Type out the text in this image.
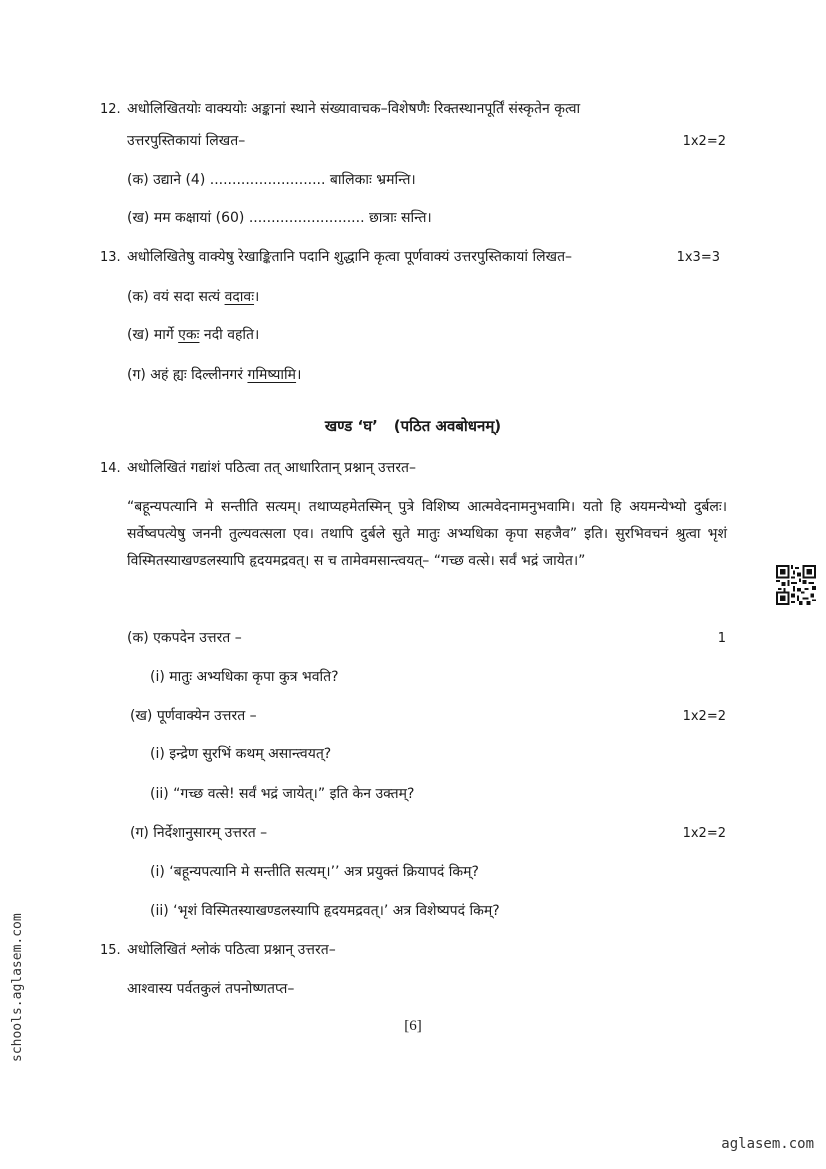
12. अधोलिखितयोः वाक्ययोः अङ्कानां स्थाने संख्यावाचक–विशेषणैः रिक्तस्थानपूर्तिं संस्कृतेन कृत्वा
उत्तरपुस्तिकायां लिखत–	1x2=2
(क) उद्याने (4) .......................... बालिकाः भ्रमन्ति।
(ख) मम कक्षायां (60) .......................... छात्राः सन्ति।
13. अधोलिखितेषु वाक्येषु रेखाङ्कितानि पदानि शुद्धानि कृत्वा पूर्णवाक्यं उत्तरपुस्तिकायां लिखत–	1x3=3
(क) वयं सदा सत्यं वदावः।
(ख) मार्गे एकः नदी वहति।
(ग) अहं ह्यः दिल्लीनगरं गमिष्यामि।
खण्ड ‘घ’ (पठित अवबोधनम्)
14. अधोलिखितं गद्यांशं पठित्वा तत् आधारितान् प्रश्नान् उत्तरत–
“बहून्यपत्यानि मे सन्तीति सत्यम्। तथाप्यहमेतस्मिन् पुत्रे विशिष्य आत्मवेदनामनुभवामि। यतो हि अयमन्येभ्यो दुर्बलः। सर्वेष्वपत्येषु जननी तुल्यवत्सला एव। तथापि दुर्बले सुते मातुः अभ्यधिका कृपा सहजैव” इति। सुरभिवचनं श्रुत्वा भृशं विस्मितस्याखण्डलस्यापि हृदयमद्रवत्। स च तामेवमसान्त्वयत्– “गच्छ वत्से। सर्वं भद्रं जायेत।”
(क) एकपदेन उत्तरत –	1
(i) मातुः अभ्यधिका कृपा कुत्र भवति?
(ख) पूर्णवाक्येन उत्तरत –	1x2=2
(i) इन्द्रेण सुरभिं कथम् असान्त्वयत्?
(ii) “गच्छ वत्से! सर्वं भद्रं जायेत्।” इति केन उक्तम्?
(ग) निर्देशानुसारम् उत्तरत –	1x2=2
(i) ‘बहून्यपत्यानि मे सन्तीति सत्यम्।’’ अत्र प्रयुक्तं क्रियापदं किम्?
(ii) ‘भृशं विस्मितस्याखण्डलस्यापि हृदयमद्रवत्।’ अत्र विशेष्यपदं किम्?
15. अधोलिखितं श्लोकं पठित्वा प्रश्नान् उत्तरत–
आश्वास्य पर्वतकुलं तपनोष्णतप्त–
[6]
schools.aglasem.com
aglasem.com
